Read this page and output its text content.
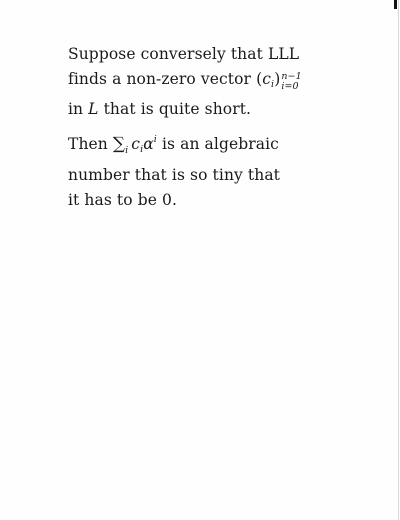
Suppose conversely that LLL
finds a non-zero vector $(c_i)$ n−1
i=0
in L that is quite short.
Then $\sum_i$ $c_i\alpha^i$ is an algebraic
number that is so tiny that
it has to be 0.
